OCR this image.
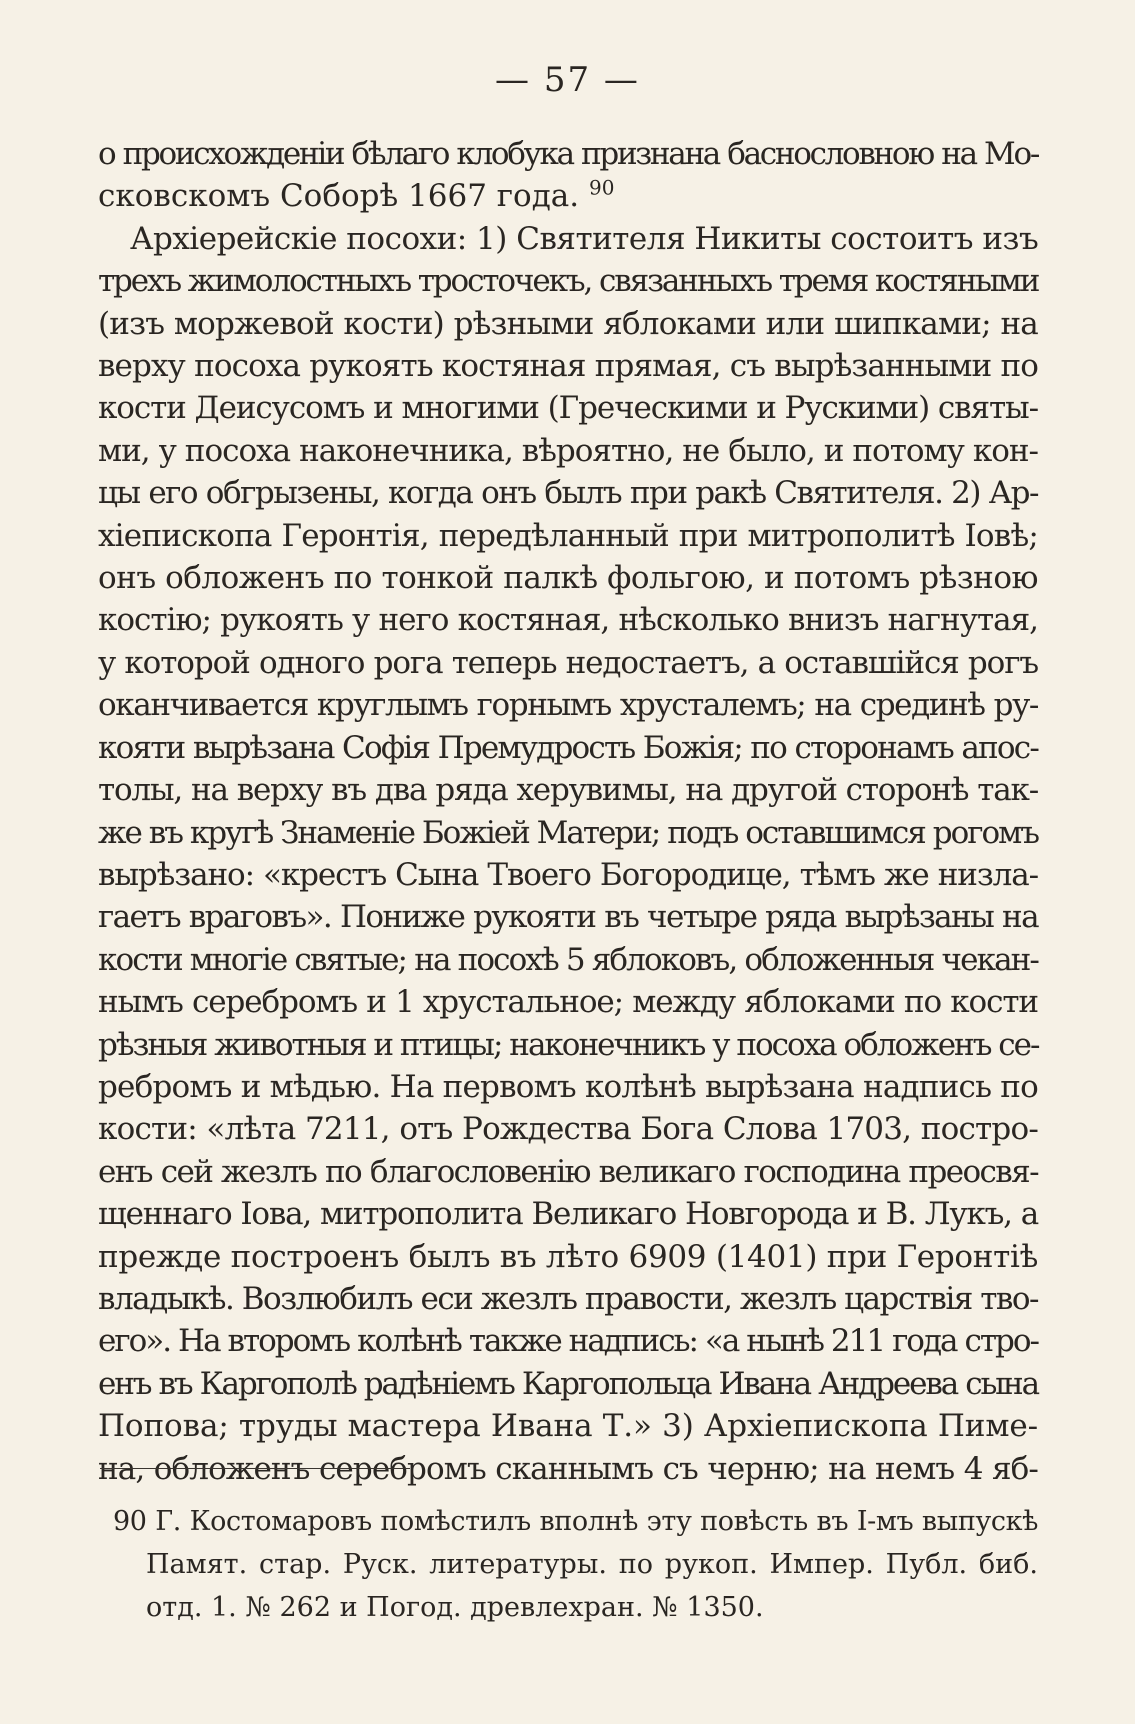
— 57 —
о происхожденіи бѣлаго клобука признана баснословною на Мо-
сковскомъ Соборѣ 1667 года. $^{90}$
Архіерейскіе посохи: 1) Святителя Никиты состоитъ изъ
трехъ жимолостныхъ тросточекъ, связанныхъ тремя костяными
(изъ моржевой кости) рѣзными яблоками или шипками; на
верху посоха рукоять костяная прямая, съ вырѣзанными по
кости Деисусомъ и многими (Греческими и Рускими) святы-
ми, у посоха наконечника, вѣроятно, не было, и потому кон-
цы его обгрызены, когда онъ былъ при ракѣ Святителя. 2) Ар-
хіепископа Геронтія, передѣланный при митрополитѣ Іовѣ;
онъ обложенъ по тонкой палкѣ фольгою, и потомъ рѣзною
костію; рукоять у него костяная, нѣсколько внизъ нагнутая,
у которой одного рога теперь недостаетъ, а оставшійся рогъ
оканчивается круглымъ горнымъ хрусталемъ; на срединѣ ру-
кояти вырѣзана Софія Премудрость Божія; по сторонамъ апос-
толы, на верху въ два ряда херувимы, на другой сторонѣ так-
же въ кругѣ Знаменіе Божіей Матери; подъ оставшимся рогомъ
вырѣзано: «крестъ Сына Твоего Богородице, тѣмъ же низла-
гаетъ враговъ». Пониже рукояти въ четыре ряда вырѣзаны на
кости многіе святые; на посохѣ 5 яблоковъ, обложенныя чекан-
нымъ серебромъ и 1 хрустальное; между яблоками по кости
рѣзныя животныя и птицы; наконечникъ у посоха обложенъ се-
ребромъ и мѣдью. На первомъ колѣнѣ вырѣзана надпись по
кости: «лѣта 7211, отъ Рождества Бога Слова 1703, постро-
енъ сей жезлъ по благословенію великаго господина преосвя-
щеннаго Іова, митрополита Великаго Новгорода и В. Лукъ, а
прежде построенъ былъ въ лѣто 6909 (1401) при Геронтіѣ
владыкѣ. Возлюбилъ еси жезлъ правости, жезлъ царствія тво-
его». На второмъ колѣнѣ также надпись: «а нынѣ 211 года стро-
енъ въ Каргополѣ радѣніемъ Каргопольца Ивана Андреева сына
Попова; труды мастера Ивана Т.» 3) Архіепископа Пиме-
на, обложенъ серебромъ сканнымъ съ черню; на немъ 4 яб-
90 Г. Костомаровъ помѣстилъ вполнѣ эту повѣсть въ І-мъ выпускѣ
Памят. стар. Руск. литературы. по рукоп. Импер. Публ. биб.
отд. 1. № 262 и Погод. древлехран. № 1350.
